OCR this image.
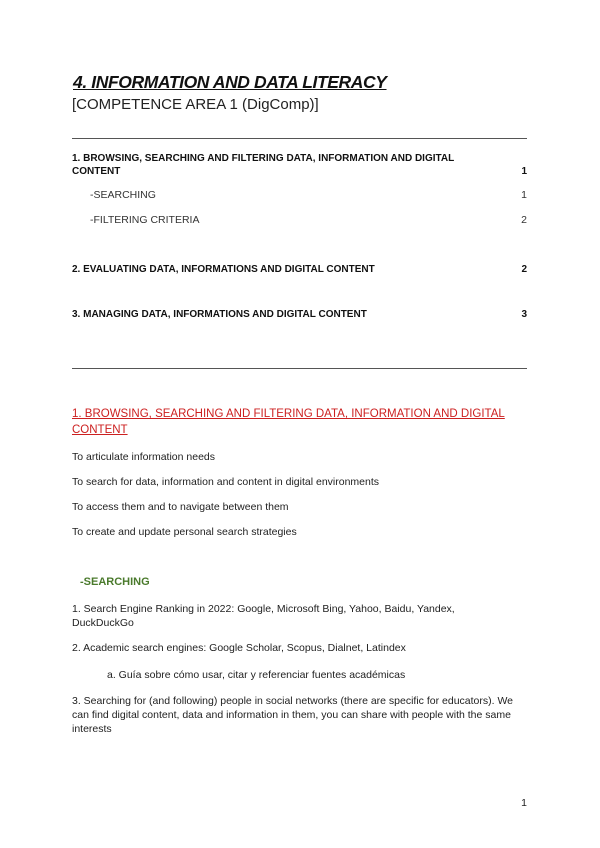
4. INFORMATION AND DATA LITERACY
[COMPETENCE AREA 1 (DigComp)]
1. BROWSING, SEARCHING AND FILTERING DATA, INFORMATION AND DIGITAL
CONTENT	1
-SEARCHING	1
-FILTERING CRITERIA	2
2. EVALUATING DATA, INFORMATIONS AND DIGITAL CONTENT	2
3. MANAGING DATA, INFORMATIONS AND DIGITAL CONTENT	3
1. BROWSING, SEARCHING AND FILTERING DATA, INFORMATION AND DIGITAL CONTENT
To articulate information needs
To search for data, information and content in digital environments
To access them and to navigate between them
To create and update personal search strategies
-SEARCHING
1. Search Engine Ranking in 2022: Google, Microsoft Bing, Yahoo, Baidu, Yandex, DuckDuckGo
2. Academic search engines: Google Scholar, Scopus, Dialnet, Latindex
a. Guía sobre cómo usar, citar y referenciar fuentes académicas
3. Searching for (and following) people in social networks (there are specific for educators). We can find digital content, data and information in them, you can share with people with the same interests
1
